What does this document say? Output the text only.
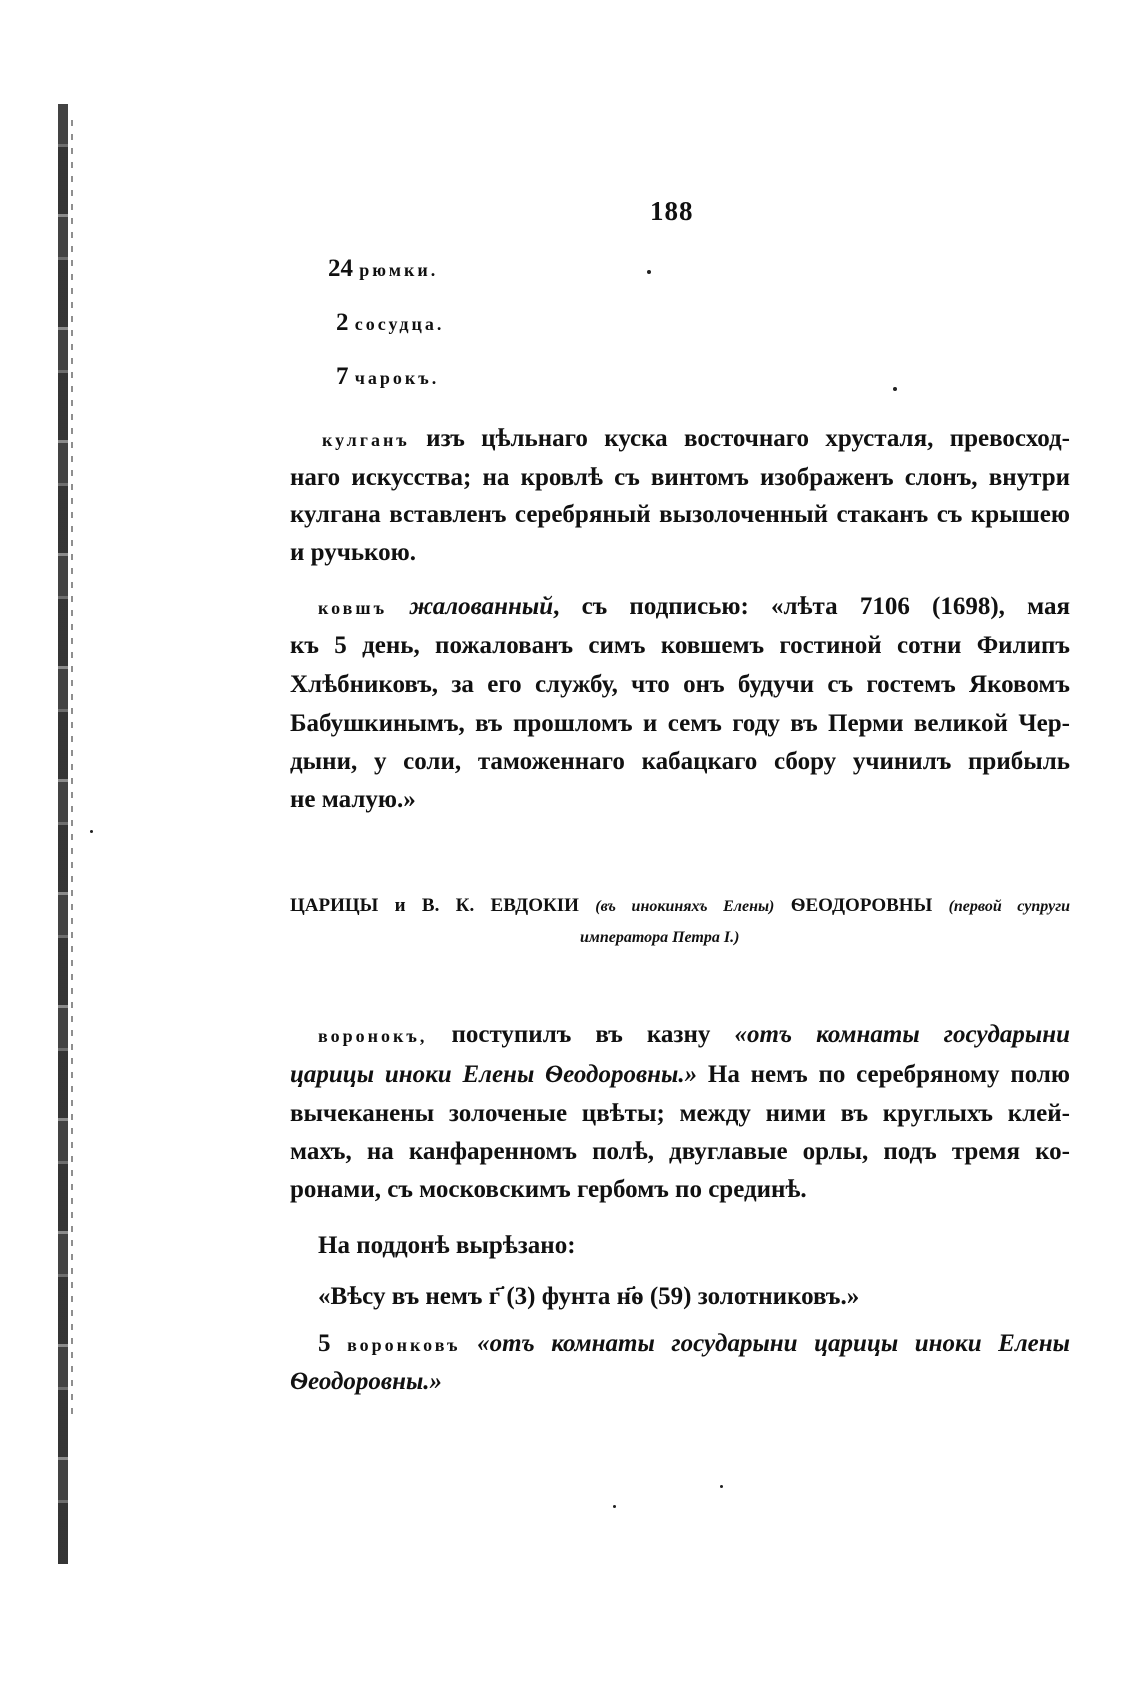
188
24 рюмки.
2 сосудца.
7 чарокъ.
кулганъ изъ цѣльнаго куска восточнаго хрусталя, превосход-
наго искусства; на кровлѣ съ винтомъ изображенъ слонъ, внутри
кулгана вставленъ серебряный вызолоченный стаканъ съ крышею
и ручькою.
ковшъ жалованный, съ подписью: «лѣта 7106 (1698), мая
къ 5 день, пожалованъ симъ ковшемъ гостиной сотни Филипъ
Хлѣбниковъ, за его службу, что онъ будучи съ гостемъ Яковомъ
Бабушкинымъ, въ прошломъ и семъ году въ Перми великой Чер-
дыни, у соли, таможеннаго кабацкаго сбору учинилъ прибыль
не малую.»
ЦАРИЦЫ и В. К. ЕВДОКІИ (въ инокиняхъ Елены) ѲЕОДОРОВНЫ (первой супруги
императора Петра I.)
воронокъ, поступилъ въ казну «отъ комнаты государыни
царицы иноки Елены Ѳеодоровны.» На немъ по серебряному полю
вычеканены золоченые цвѣты; между ними въ круглыхъ клей-
махъ, на канфаренномъ полѣ, двуглавые орлы, подъ тремя ко-
ронами, съ московскимъ гербомъ по срединѣ.
На поддонѣ вырѣзано:
«Вѣсу въ немъ г҃ (3) фунта н҃ѳ (59) золотниковъ.»
5 воронковъ «отъ комнаты государыни царицы иноки Елены
Ѳеодоровны.»
